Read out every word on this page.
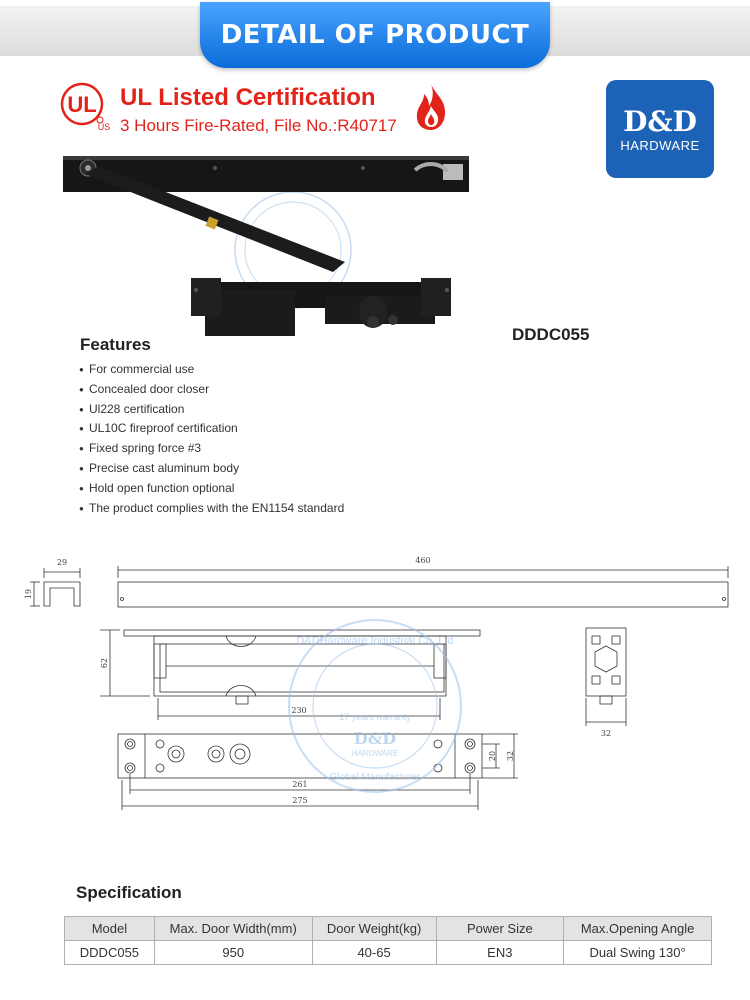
DETAIL OF PRODUCT
UL
US
UL Listed Certification
3 Hours Fire-Rated, File No.:R40717	D&D
HARDWARE
DDDC055
Features
● For commercial use
● Concealed door closer
● Ul228 certification
● UL10C fireproof certification
● Fixed spring force #3
● Precise cast aluminum body
● Hold open function optional
● The product complies with the EN1154 standard
D&DHardware Industrial Co.,Ltd
17 years warranty
D&D
HARDWARE
Global Manufacturer
29
19
460
62
230
32
20 32
261
275
Specification
Model	Max. Door Width(mm)	Door Weight(kg)	Power Size	Max.Opening Angle
DDDC055	950	40-65	EN3	Dual Swing 130°
